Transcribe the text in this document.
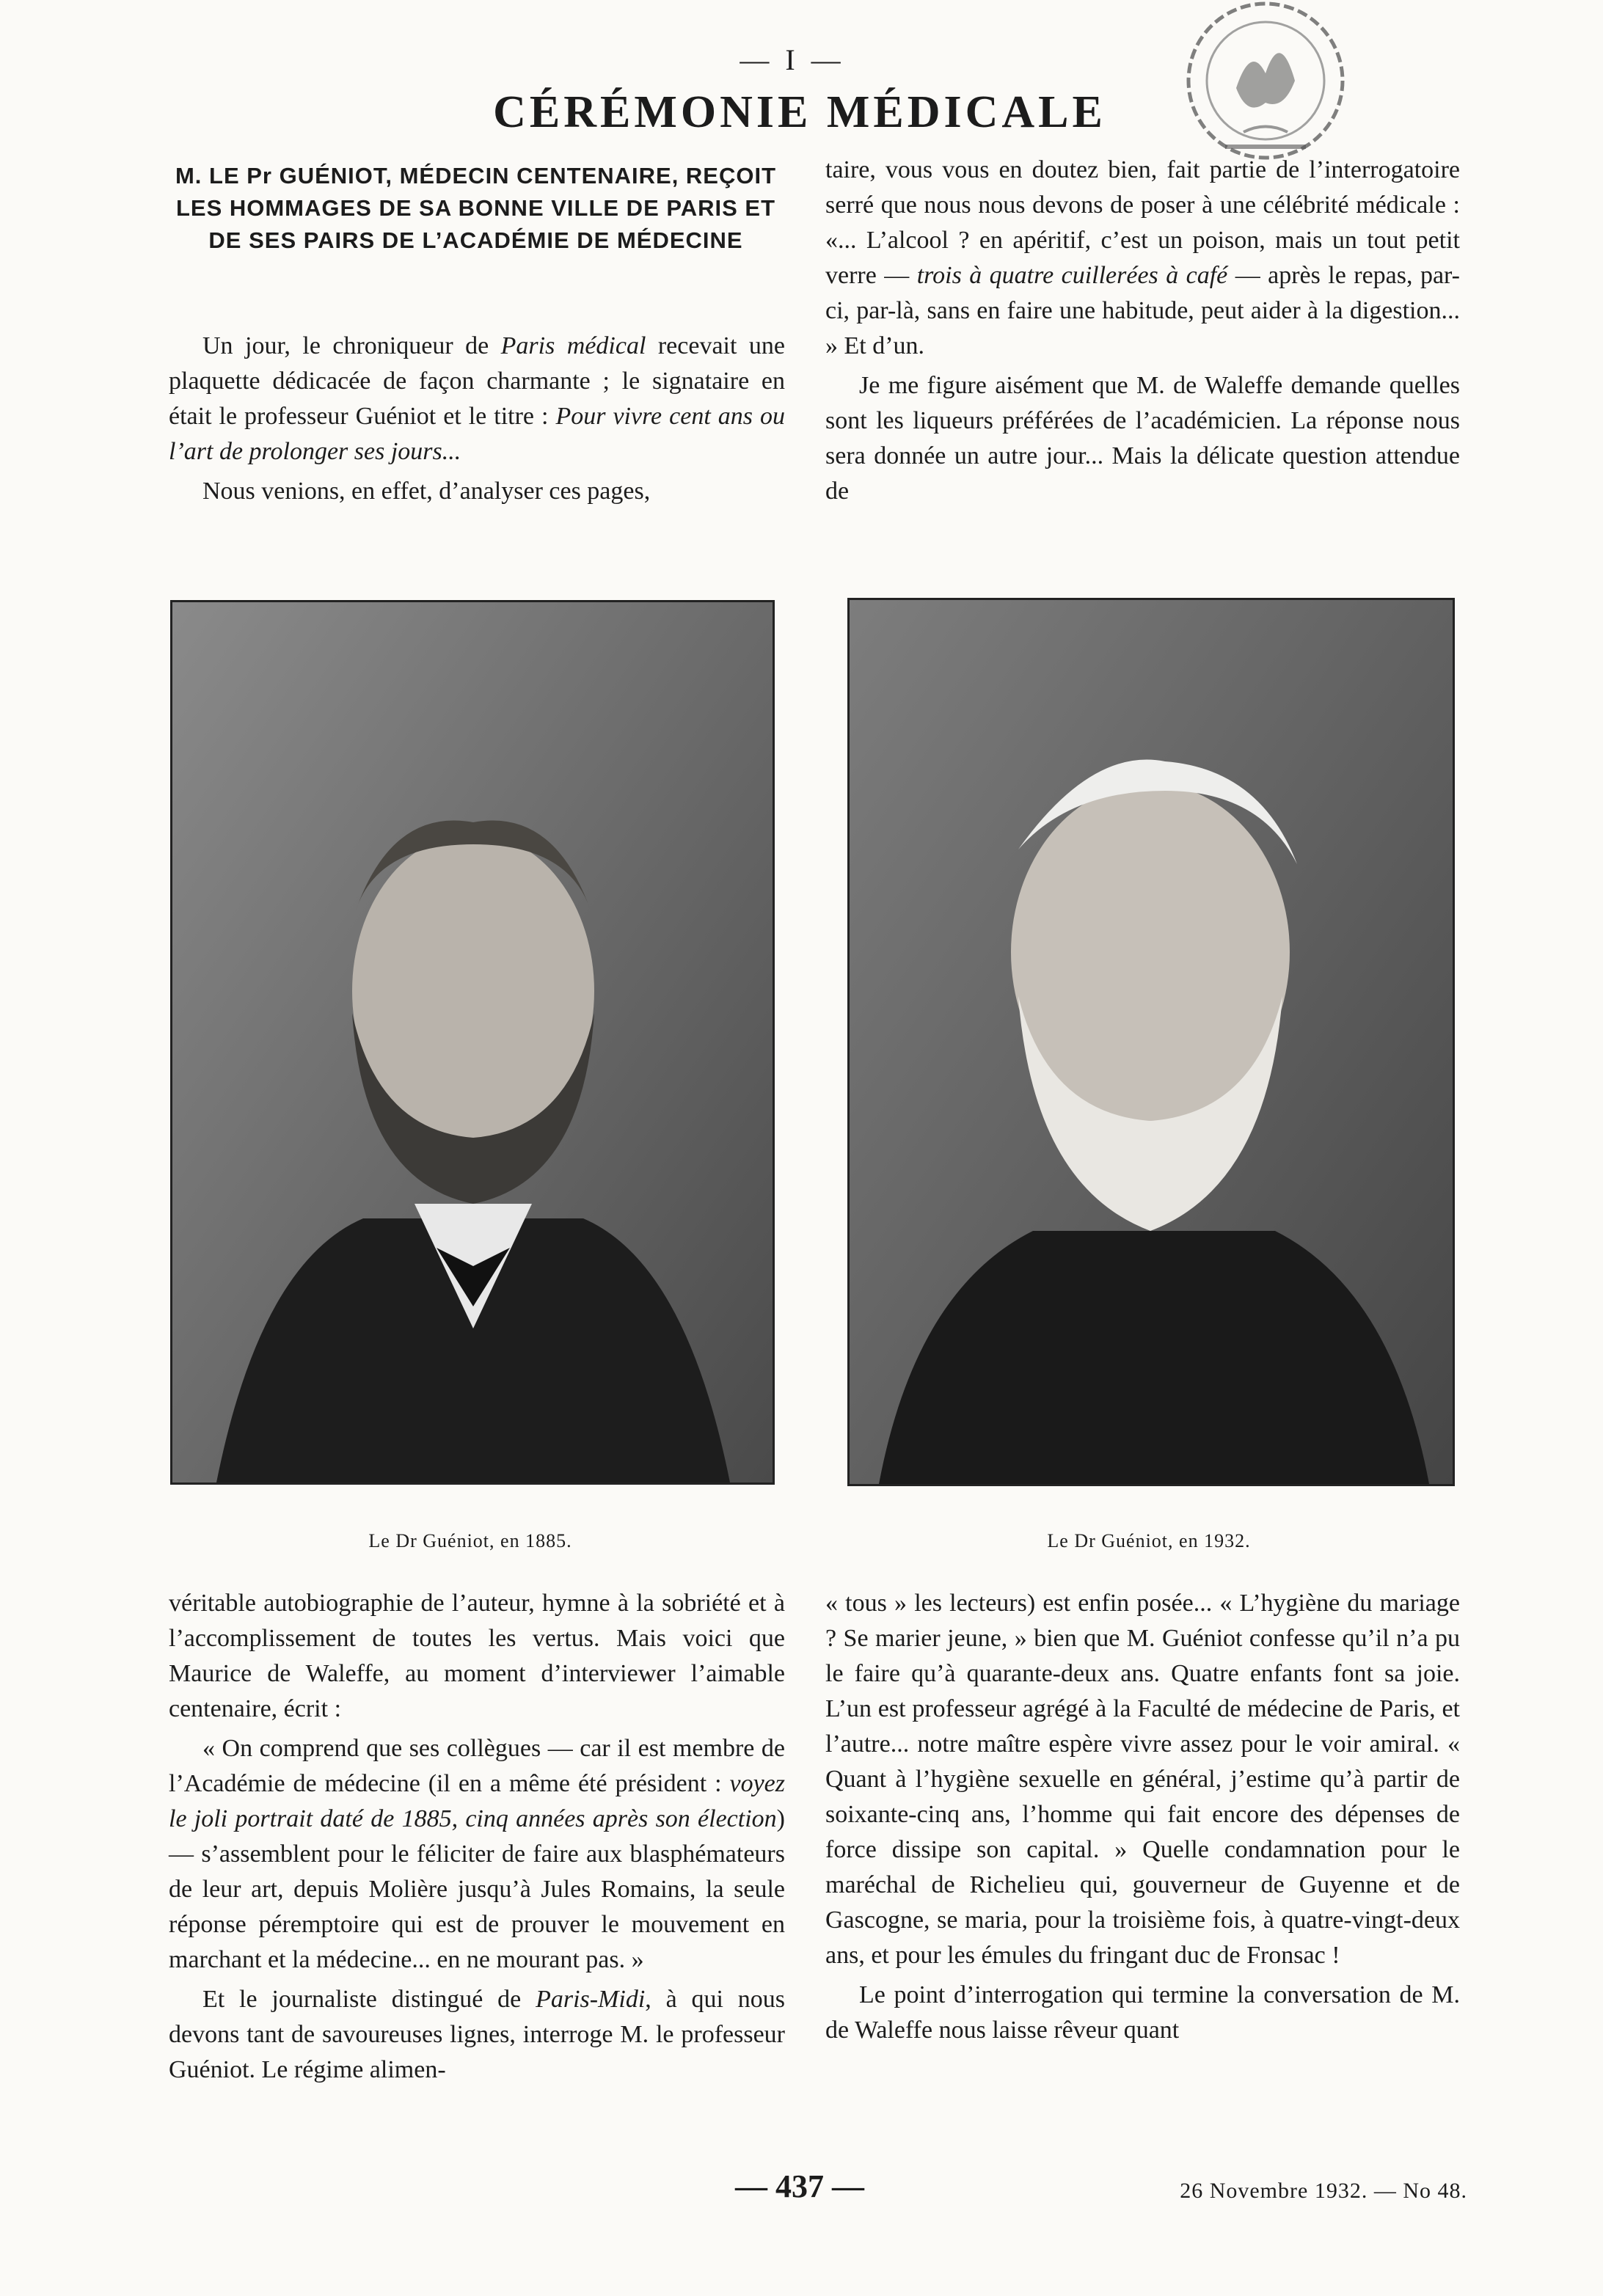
— I —
CÉRÉMONIE MÉDICALE
M. LE Pr GUÉNIOT, MÉDECIN CENTENAIRE, REÇOIT LES HOMMAGES DE SA BONNE VILLE DE PARIS ET DE SES PAIRS DE L’ACADÉMIE DE MÉDECINE

Un jour, le chroniqueur de Paris médical recevait une plaquette dédicacée de façon charmante ; le signataire en était le professeur Guéniot et le titre : Pour vivre cent ans ou l’art de prolonger ses jours...

Nous venions, en effet, d’analyser ces pages,

taire, vous vous en doutez bien, fait partie de l’interrogatoire serré que nous nous devons de poser à une célébrité médicale : «... L’alcool ? en apéritif, c’est un poison, mais un tout petit verre — trois à quatre cuillerées à café — après le repas, par-ci, par-là, sans en faire une habitude, peut aider à la digestion... » Et d’un.

Je me figure aisément que M. de Waleffe demande quelles sont les liqueurs préférées de l’académicien. La réponse nous sera donnée un autre jour... Mais la délicate question attendue de

Le Dr Guéniot, en 1885.	Le Dr Guéniot, en 1932.

véritable autobiographie de l’auteur, hymne à la sobriété et à l’accomplissement de toutes les vertus. Mais voici que Maurice de Waleffe, au moment d’interviewer l’aimable centenaire, écrit :

« On comprend que ses collègues — car il est membre de l’Académie de médecine (il en a même été président : voyez le joli portrait daté de 1885, cinq années après son élection) — s’assemblent pour le féliciter de faire aux blasphémateurs de leur art, depuis Molière jusqu’à Jules Romains, la seule réponse péremptoire qui est de prouver le mouvement en marchant et la médecine... en ne mourant pas. »

Et le journaliste distingué de Paris-Midi, à qui nous devons tant de savoureuses lignes, interroge M. le professeur Guéniot. Le régime alimen-

« tous » les lecteurs) est enfin posée... « L’hygiène du mariage ? Se marier jeune, » bien que M. Guéniot confesse qu’il n’a pu le faire qu’à quarante-deux ans. Quatre enfants font sa joie. L’un est professeur agrégé à la Faculté de médecine de Paris, et l’autre... notre maître espère vivre assez pour le voir amiral. « Quant à l’hygiène sexuelle en général, j’estime qu’à partir de soixante-cinq ans, l’homme qui fait encore des dépenses de force dissipe son capital. » Quelle condamnation pour le maréchal de Richelieu qui, gouverneur de Guyenne et de Gascogne, se maria, pour la troisième fois, à quatre-vingt-deux ans, et pour les émules du fringant duc de Fronsac !

Le point d’interrogation qui termine la conversation de M. de Waleffe nous laisse rêveur quant

— 437 —	26 Novembre 1932. — No 48.
